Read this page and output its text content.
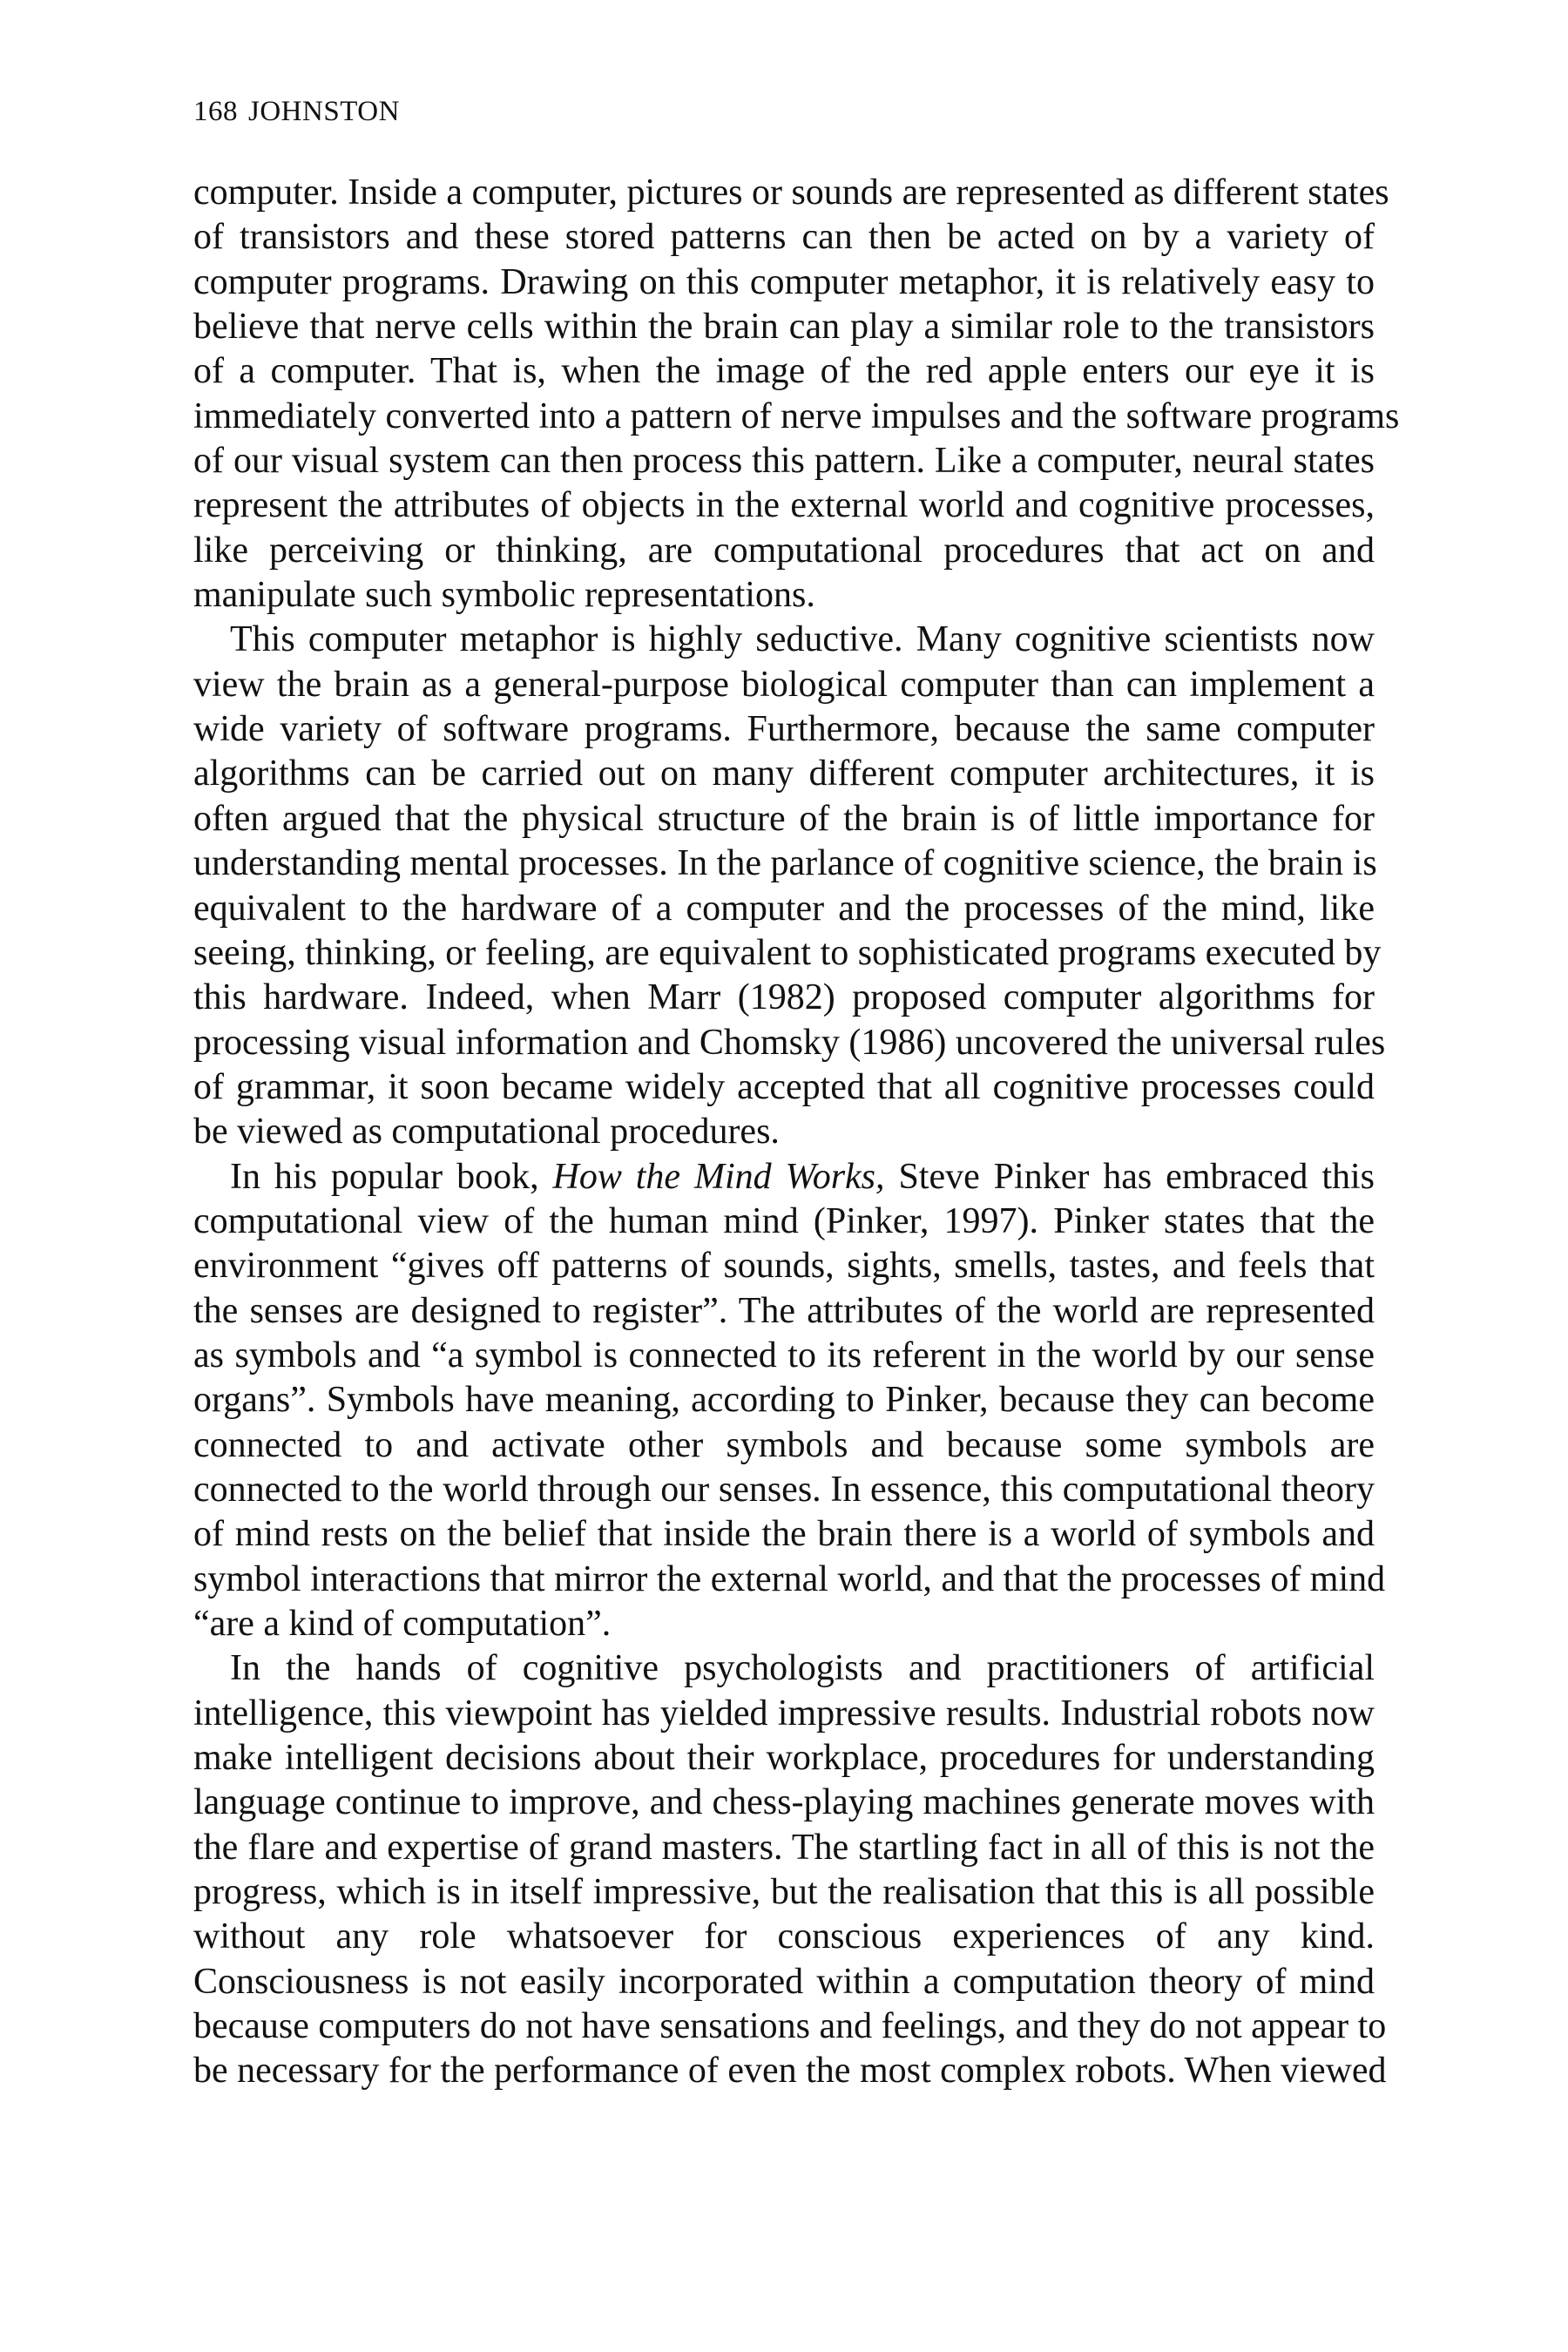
168 JOHNSTON
computer. Inside a computer, pictures or sounds are represented as different states
of transistors and these stored patterns can then be acted on by a variety of
computer programs. Drawing on this computer metaphor, it is relatively easy to
believe that nerve cells within the brain can play a similar role to the transistors
of a computer. That is, when the image of the red apple enters our eye it is
immediately converted into a pattern of nerve impulses and the software programs
of our visual system can then process this pattern. Like a computer, neural states
represent the attributes of objects in the external world and cognitive processes,
like perceiving or thinking, are computational procedures that act on and
manipulate such symbolic representations.
This computer metaphor is highly seductive. Many cognitive scientists now
view the brain as a general-purpose biological computer than can implement a
wide variety of software programs. Furthermore, because the same computer
algorithms can be carried out on many different computer architectures, it is
often argued that the physical structure of the brain is of little importance for
understanding mental processes. In the parlance of cognitive science, the brain is
equivalent to the hardware of a computer and the processes of the mind, like
seeing, thinking, or feeling, are equivalent to sophisticated programs executed by
this hardware. Indeed, when Marr (1982) proposed computer algorithms for
processing visual information and Chomsky (1986) uncovered the universal rules
of grammar, it soon became widely accepted that all cognitive processes could
be viewed as computational procedures.
In his popular book, How the Mind Works, Steve Pinker has embraced this
computational view of the human mind (Pinker, 1997). Pinker states that the
environment “gives off patterns of sounds, sights, smells, tastes, and feels that
the senses are designed to register”. The attributes of the world are represented
as symbols and “a symbol is connected to its referent in the world by our sense
organs”. Symbols have meaning, according to Pinker, because they can become
connected to and activate other symbols and because some symbols are
connected to the world through our senses. In essence, this computational theory
of mind rests on the belief that inside the brain there is a world of symbols and
symbol interactions that mirror the external world, and that the processes of mind
“are a kind of computation”.
In the hands of cognitive psychologists and practitioners of artificial
intelligence, this viewpoint has yielded impressive results. Industrial robots now
make intelligent decisions about their workplace, procedures for understanding
language continue to improve, and chess-playing machines generate moves with
the flare and expertise of grand masters. The startling fact in all of this is not the
progress, which is in itself impressive, but the realisation that this is all possible
without any role whatsoever for conscious experiences of any kind.
Consciousness is not easily incorporated within a computation theory of mind
because computers do not have sensations and feelings, and they do not appear to
be necessary for the performance of even the most complex robots. When viewed
